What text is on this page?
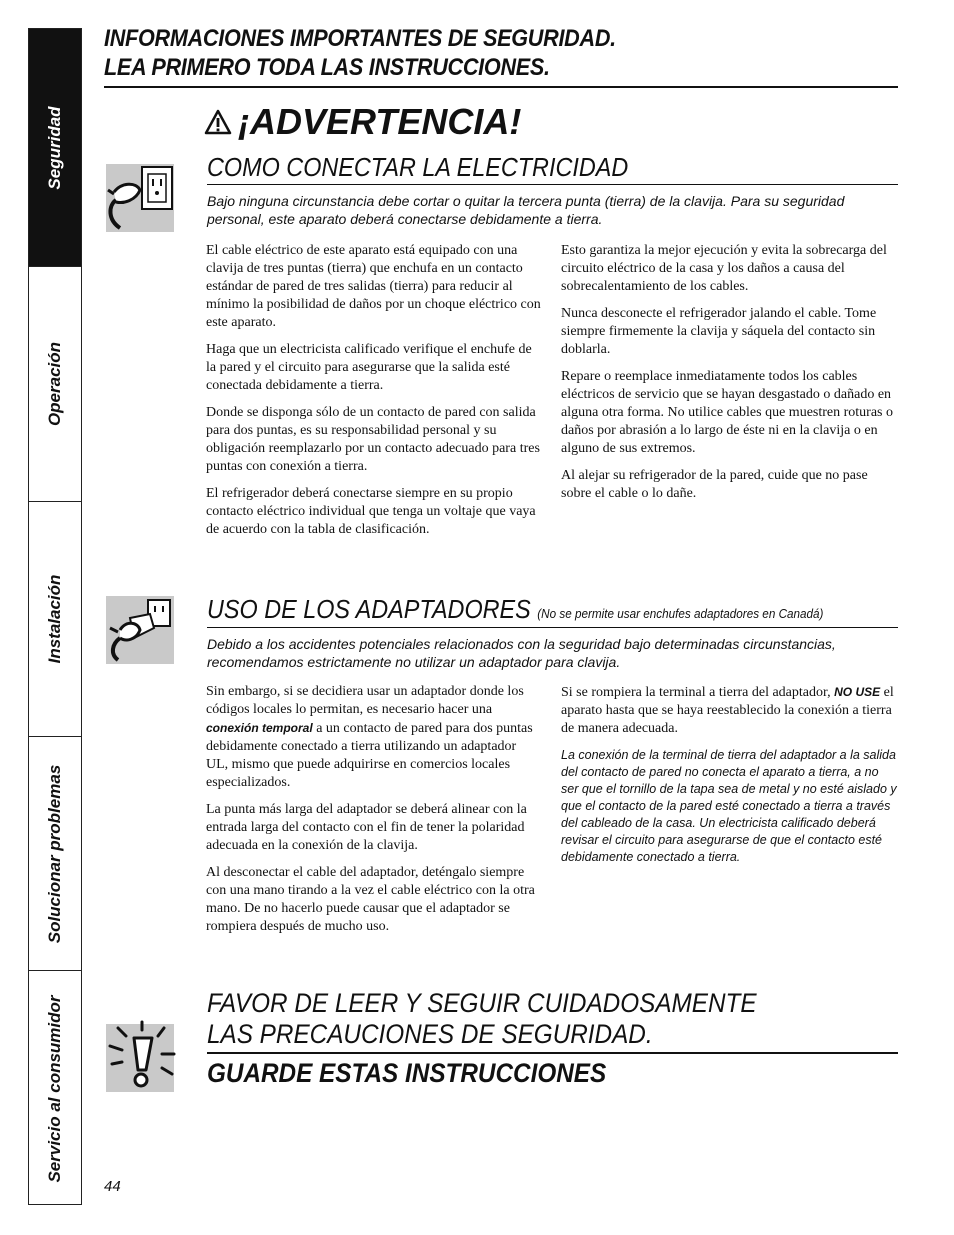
Seguridad
Operación
Instalación
Solucionar problemas
Servicio al consumidor
INFORMACIONES IMPORTANTES DE SEGURIDAD.
LEA PRIMERO TODA LAS INSTRUCCIONES.
¡ADVERTENCIA!
COMO CONECTAR LA ELECTRICIDAD
Bajo ninguna circunstancia debe cortar o quitar la tercera punta (tierra) de la clavija. Para su seguridad personal, este aparato deberá conectarse debidamente a tierra.

El cable eléctrico de este aparato está equipado con una clavija de tres puntas (tierra) que enchufa en un contacto estándar de pared de tres salidas (tierra) para reducir al mínimo la posibilidad de daños por un choque eléctrico con este aparato.

Haga que un electricista calificado verifique el enchufe de la pared y el circuito para asegurarse que la salida esté conectada debidamente a tierra.

Donde se disponga sólo de un contacto de pared con salida para dos puntas, es su responsabilidad personal y su obligación reemplazarlo por un contacto adecuado para tres puntas con conexión a tierra.

El refrigerador deberá conectarse siempre en su propio contacto eléctrico individual que tenga un voltaje que vaya de acuerdo con la tabla de clasificación.

Esto garantiza la mejor ejecución y evita la sobrecarga del circuito eléctrico de la casa y los daños a causa del sobrecalentamiento de los cables.

Nunca desconecte el refrigerador jalando el cable. Tome siempre firmemente la clavija y sáquela del contacto sin doblarla.

Repare o reemplace inmediatamente todos los cables eléctricos de servicio que se hayan desgastado o dañado en alguna otra forma. No utilice cables que muestren roturas o daños por abrasión a lo largo de éste ni en la clavija o en alguno de sus extremos.

Al alejar su refrigerador de la pared, cuide que no pase sobre el cable o lo dañe.

USO DE LOS ADAPTADORES (No se permite usar enchufes adaptadores en Canadá)
Debido a los accidentes potenciales relacionados con la seguridad bajo determinadas circunstancias, recomendamos estrictamente no utilizar un adaptador para clavija.

Sin embargo, si se decidiera usar un adaptador donde los códigos locales lo permitan, es necesario hacer una conexión temporal a un contacto de pared para dos puntas debidamente conectado a tierra utilizando un adaptador UL, mismo que puede adquirirse en comercios locales especializados.

La punta más larga del adaptador se deberá alinear con la entrada larga del contacto con el fin de tener la polaridad adecuada en la conexión de la clavija.

Al desconectar el cable del adaptador, deténgalo siempre con una mano tirando a la vez el cable eléctrico con la otra mano. De no hacerlo puede causar que el adaptador se rompiera después de mucho uso.

Si se rompiera la terminal a tierra del adaptador, NO USE el aparato hasta que se haya reestablecido la conexión a tierra de manera adecuada.

La conexión de la terminal de tierra del adaptador a la salida del contacto de pared no conecta el aparato a tierra, a no ser que el tornillo de la tapa sea de metal y no esté aislado y que el contacto de la pared esté conectado a tierra a través del cableado de la casa. Un electricista calificado deberá revisar el circuito para asegurarse de que el contacto esté debidamente conectado a tierra.

FAVOR DE LEER Y SEGUIR CUIDADOSAMENTE
LAS PRECAUCIONES DE SEGURIDAD.
GUARDE ESTAS INSTRUCCIONES
44
